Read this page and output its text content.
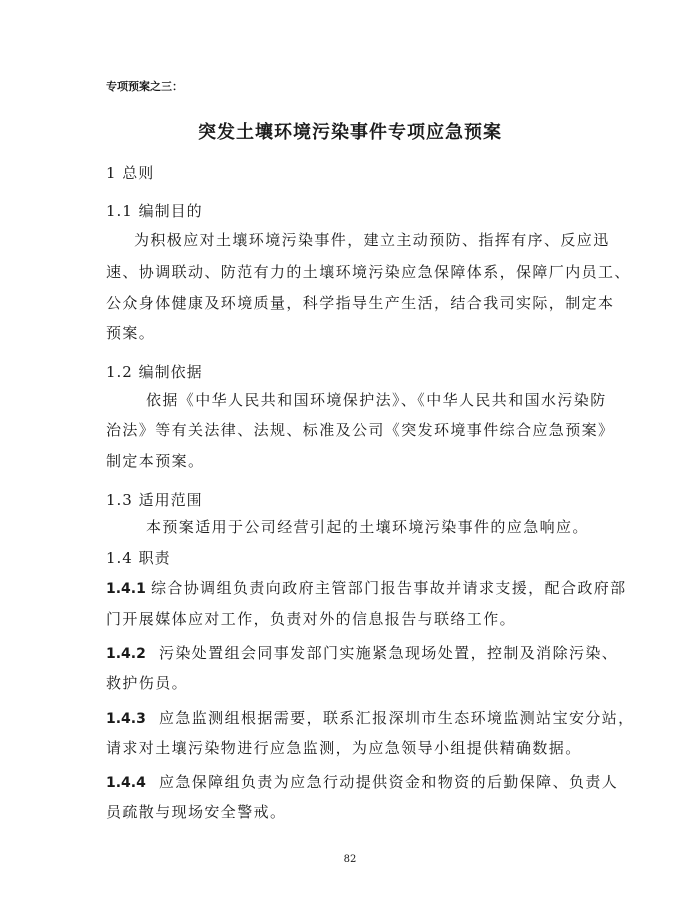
专项预案之三：
突发土壤环境污染事件专项应急预案
1 总则
1.1 编制目的
为积极应对土壤环境污染事件，建立主动预防、指挥有序、反应迅
速、协调联动、防范有力的土壤环境污染应急保障体系，保障厂内员工、
公众身体健康及环境质量，科学指导生产生活，结合我司实际，制定本
预案。
1.2 编制依据
依据《中华人民共和国环境保护法》、《中华人民共和国水污染防
治法》等有关法律、法规、标准及公司《突发环境事件综合应急预案》
制定本预案。
1.3 适用范围
本预案适用于公司经营引起的土壤环境污染事件的应急响应。
1.4 职责
1.4.1 综合协调组负责向政府主管部门报告事故并请求支援，配合政府部
门开展媒体应对工作，负责对外的信息报告与联络工作。
1.4.2 污染处置组会同事发部门实施紧急现场处置，控制及消除污染、
救护伤员。
1.4.3 应急监测组根据需要，联系汇报深圳市生态环境监测站宝安分站，
请求对土壤污染物进行应急监测，为应急领导小组提供精确数据。
1.4.4 应急保障组负责为应急行动提供资金和物资的后勤保障、负责人
员疏散与现场安全警戒。
82
